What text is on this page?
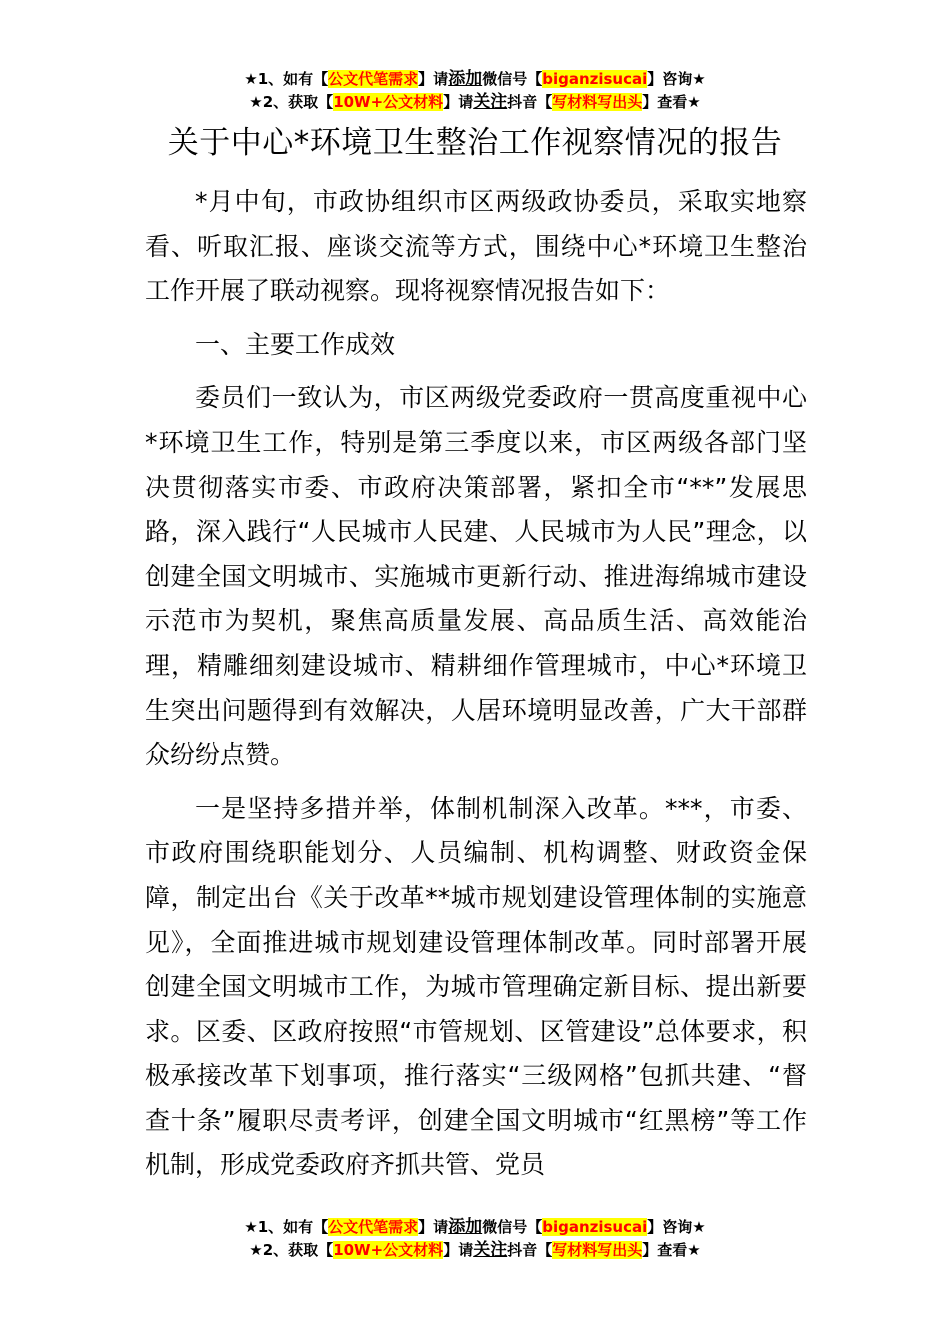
★1、如有【公文代笔需求】请添加微信号【biganzisucai】咨询★
★2、获取【10W+公文材料】请关注抖音【写材料写出头】查看★
关于中心*环境卫生整治工作视察情况的报告

*月中旬，市政协组织市区两级政协委员，采取实地察看、听取汇报、座谈交流等方式，围绕中心*环境卫生整治工作开展了联动视察。现将视察情况报告如下：

一、主要工作成效

委员们一致认为，市区两级党委政府一贯高度重视中心*环境卫生工作，特别是第三季度以来，市区两级各部门坚决贯彻落实市委、市政府决策部署，紧扣全市“**”发展思路，深入践行“人民城市人民建、人民城市为人民”理念，以创建全国文明城市、实施城市更新行动、推进海绵城市建设示范市为契机，聚焦高质量发展、高品质生活、高效能治理，精雕细刻建设城市、精耕细作管理城市，中心*环境卫生突出问题得到有效解决，人居环境明显改善，广大干部群众纷纷点赞。

一是坚持多措并举，体制机制深入改革。***，市委、市政府围绕职能划分、人员编制、机构调整、财政资金保障，制定出台《关于改革**城市规划建设管理体制的实施意见》，全面推进城市规划建设管理体制改革。同时部署开展创建全国文明城市工作，为城市管理确定新目标、提出新要求。区委、区政府按照“市管规划、区管建设”总体要求，积极承接改革下划事项，推行落实“三级网格”包抓共建、“督查十条”履职尽责考评，创建全国文明城市“红黑榜”等工作机制，形成党委政府齐抓共管、党员

★1、如有【公文代笔需求】请添加微信号【biganzisucai】咨询★
★2、获取【10W+公文材料】请关注抖音【写材料写出头】查看★
